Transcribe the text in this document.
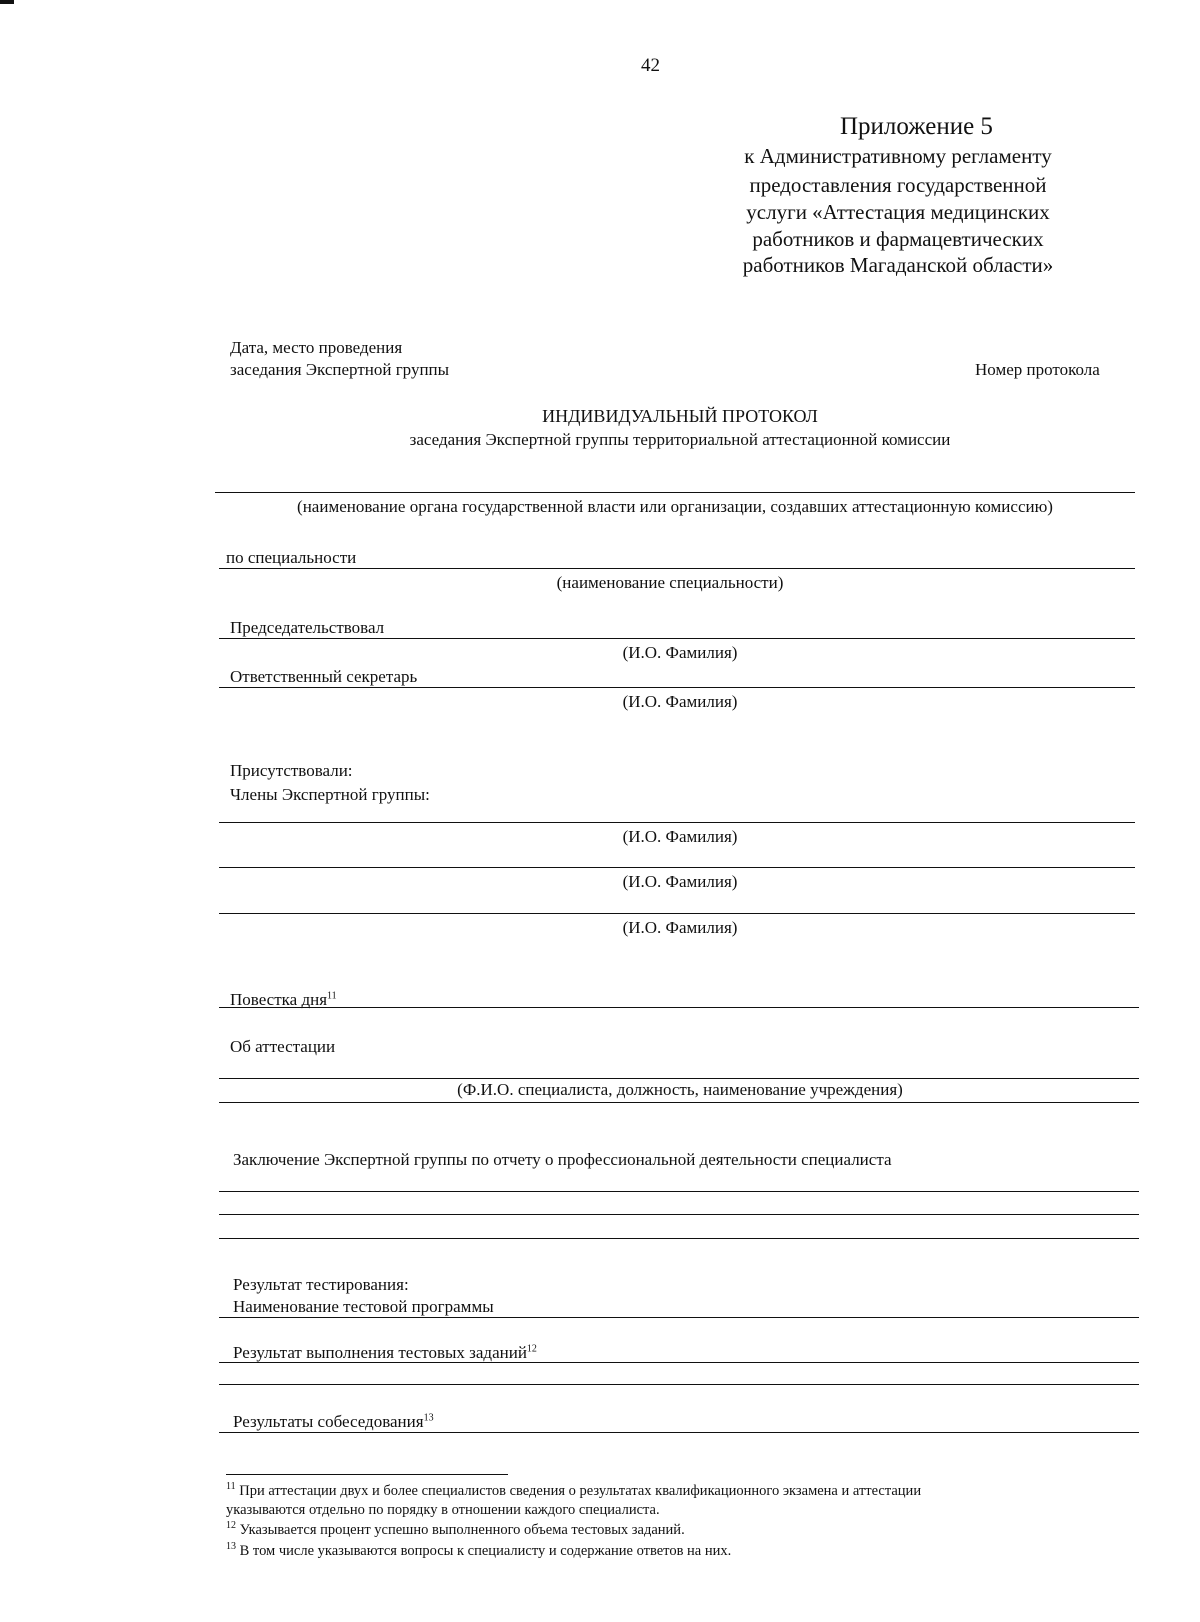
42
Приложение 5
к Административному регламенту
предоставления государственной
услуги «Аттестация медицинских
работников и фармацевтических
работников Магаданской области»
Дата, место проведения
заседания Экспертной группы	Номер протокола
ИНДИВИДУАЛЬНЫЙ ПРОТОКОЛ
заседания Экспертной группы территориальной аттестационной комиссии
(наименование органа государственной власти или организации, создавших аттестационную комиссию)
по специальности
(наименование специальности)
Председательствовал
(И.О. Фамилия)
Ответственный секретарь
(И.О. Фамилия)
Присутствовали:
Члены Экспертной группы:
(И.О. Фамилия)
(И.О. Фамилия)
(И.О. Фамилия)
Повестка дня$^{11}$
Об аттестации
(Ф.И.О. специалиста, должность, наименование учреждения)
Заключение Экспертной группы по отчету о профессиональной деятельности специалиста
Результат тестирования:
Наименование тестовой программы
Результат выполнения тестовых заданий$^{12}$
Результаты собеседования$^{13}$
$^{11}$ При аттестации двух и более специалистов сведения о результатах квалификационного экзамена и аттестации
указываются отдельно по порядку в отношении каждого специалиста.
$^{12}$ Указывается процент успешно выполненного объема тестовых заданий.
$^{13}$ В том числе указываются вопросы к специалисту и содержание ответов на них.
